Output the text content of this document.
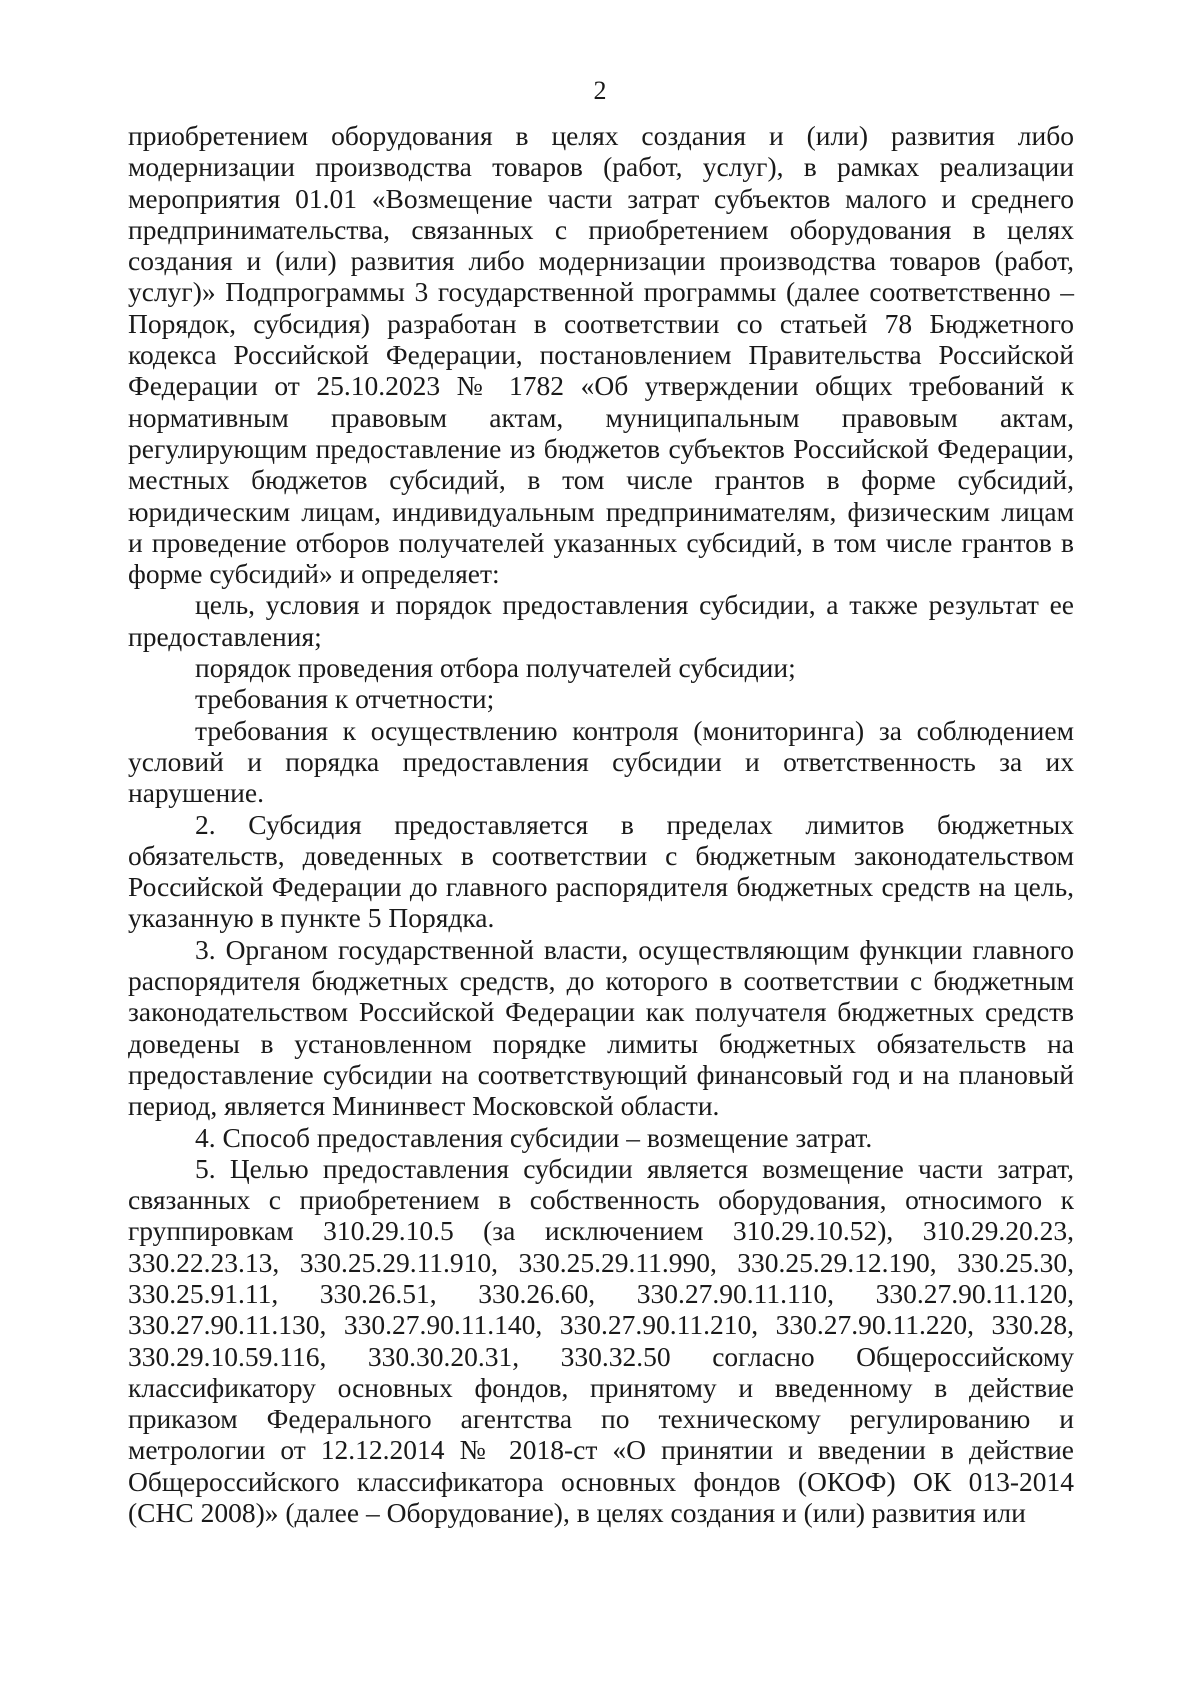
2

приобретением оборудования в целях создания и (или) развития либо модернизации производства товаров (работ, услуг), в рамках реализации мероприятия 01.01 «Возмещение части затрат субъектов малого и среднего предпринимательства, связанных с приобретением оборудования в целях создания и (или) развития либо модернизации производства товаров (работ, услуг)» Подпрограммы 3 государственной программы (далее соответственно – Порядок, субсидия) разработан в соответствии со статьей 78 Бюджетного кодекса Российской Федерации, постановлением Правительства Российской Федерации от 25.10.2023 № 1782 «Об утверждении общих требований к нормативным правовым актам, муниципальным правовым актам, регулирующим предоставление из бюджетов субъектов Российской Федерации, местных бюджетов субсидий, в том числе грантов в форме субсидий, юридическим лицам, индивидуальным предпринимателям, физическим лицам и проведение отборов получателей указанных субсидий, в том числе грантов в форме субсидий» и определяет:

цель, условия и порядок предоставления субсидии, а также результат ее предоставления;

порядок проведения отбора получателей субсидии;

требования к отчетности;

требования к осуществлению контроля (мониторинга) за соблюдением условий и порядка предоставления субсидии и ответственность за их нарушение.

2. Субсидия предоставляется в пределах лимитов бюджетных обязательств, доведенных в соответствии с бюджетным законодательством Российской Федерации до главного распорядителя бюджетных средств на цель, указанную в пункте 5 Порядка.

3. Органом государственной власти, осуществляющим функции главного распорядителя бюджетных средств, до которого в соответствии с бюджетным законодательством Российской Федерации как получателя бюджетных средств доведены в установленном порядке лимиты бюджетных обязательств на предоставление субсидии на соответствующий финансовый год и на плановый период, является Мининвест Московской области.

4. Способ предоставления субсидии – возмещение затрат.

5. Целью предоставления субсидии является возмещение части затрат, связанных с приобретением в собственность оборудования, относимого к группировкам 310.29.10.5 (за исключением 310.29.10.52), 310.29.20.23, 330.22.23.13, 330.25.29.11.910, 330.25.29.11.990, 330.25.29.12.190, 330.25.30, 330.25.91.11, 330.26.51, 330.26.60, 330.27.90.11.110, 330.27.90.11.120, 330.27.90.11.130, 330.27.90.11.140, 330.27.90.11.210, 330.27.90.11.220, 330.28, 330.29.10.59.116, 330.30.20.31, 330.32.50 согласно Общероссийскому классификатору основных фондов, принятому и введенному в действие приказом Федерального агентства по техническому регулированию и метрологии от 12.12.2014 № 2018-ст «О принятии и введении в действие Общероссийского классификатора основных фондов (ОКОФ) ОК 013-2014 (СНС 2008)» (далее – Оборудование), в целях создания и (или) развития или
